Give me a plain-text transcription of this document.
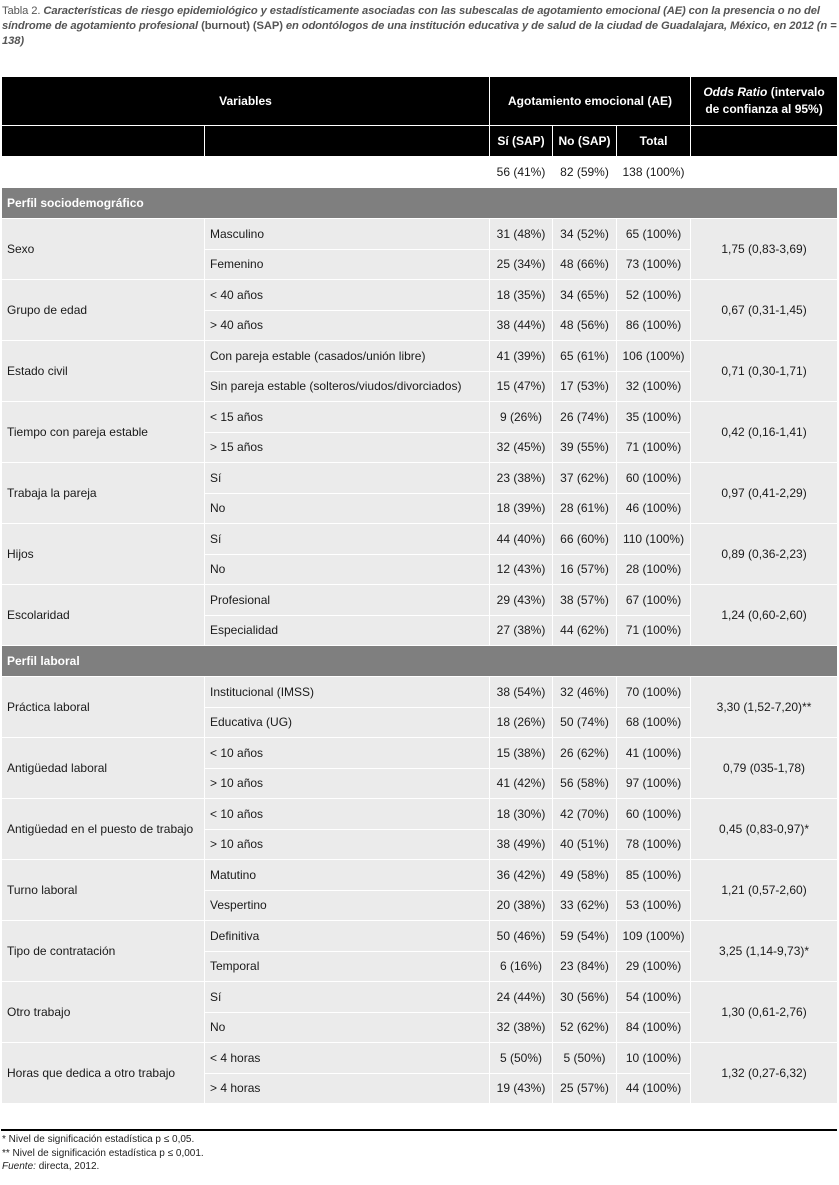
Tabla 2. Características de riesgo epidemiológico y estadísticamente asociadas con las subescalas de agotamiento emocional (AE) con la presencia o no del síndrome de agotamiento profesional (burnout) (SAP) en odontólogos de una institución educativa y de salud de la ciudad de Guadalajara, México, en 2012 (n = 138)
Variables		Agotamiento emocional (AE)			Odds Ratio (intervalo de confianza al 95%)
		Sí (SAP)	No (SAP)	Total	
		56 (41%)	82 (59%)	138 (100%)	
Perfil sociodemográfico					
Sexo	Masculino	31 (48%)	34 (52%)	65 (100%)	1,75 (0,83-3,69)
	Femenino	25 (34%)	48 (66%)	73 (100%)	
Grupo de edad	< 40 años	18 (35%)	34 (65%)	52 (100%)	0,67 (0,31-1,45)
	> 40 años	38 (44%)	48 (56%)	86 (100%)	
Estado civil	Con pareja estable (casados/unión libre)	41 (39%)	65 (61%)	106 (100%)	0,71 (0,30-1,71)
	Sin pareja estable (solteros/viudos/divorciados)	15 (47%)	17 (53%)	32 (100%)	
Tiempo con pareja estable	< 15 años	9 (26%)	26 (74%)	35 (100%)	0,42 (0,16-1,41)
	> 15 años	32 (45%)	39 (55%)	71 (100%)	
Trabaja la pareja	Sí	23 (38%)	37 (62%)	60 (100%)	0,97 (0,41-2,29)
	No	18 (39%)	28 (61%)	46 (100%)	
Hijos	Sí	44 (40%)	66 (60%)	110 (100%)	0,89 (0,36-2,23)
	No	12 (43%)	16 (57%)	28 (100%)	
Escolaridad	Profesional	29 (43%)	38 (57%)	67 (100%)	1,24 (0,60-2,60)
	Especialidad	27 (38%)	44 (62%)	71 (100%)	
Perfil laboral					
Práctica laboral	Institucional (IMSS)	38 (54%)	32 (46%)	70 (100%)	3,30 (1,52-7,20)**
	Educativa (UG)	18 (26%)	50 (74%)	68 (100%)	
Antigüedad laboral	< 10 años	15 (38%)	26 (62%)	41 (100%)	0,79 (035-1,78)
	> 10 años	41 (42%)	56 (58%)	97 (100%)	
Antigüedad en el puesto de trabajo	< 10 años	18 (30%)	42 (70%)	60 (100%)	0,45 (0,83-0,97)*
	> 10 años	38 (49%)	40 (51%)	78 (100%)	
Turno laboral	Matutino	36 (42%)	49 (58%)	85 (100%)	1,21 (0,57-2,60)
	Vespertino	20 (38%)	33 (62%)	53 (100%)	
Tipo de contratación	Definitiva	50 (46%)	59 (54%)	109 (100%)	3,25 (1,14-9,73)*
	Temporal	6 (16%)	23 (84%)	29 (100%)	
Otro trabajo	Sí	24 (44%)	30 (56%)	54 (100%)	1,30 (0,61-2,76)
	No	32 (38%)	52 (62%)	84 (100%)	
Horas que dedica a otro trabajo	< 4 horas	5 (50%)	5 (50%)	10 (100%)	1,32 (0,27-6,32)
	> 4 horas	19 (43%)	25 (57%)	44 (100%)	
* Nivel de significación estadística p ≤ 0,05.
** Nivel de significación estadística p ≤ 0,001.
Fuente: directa, 2012.
